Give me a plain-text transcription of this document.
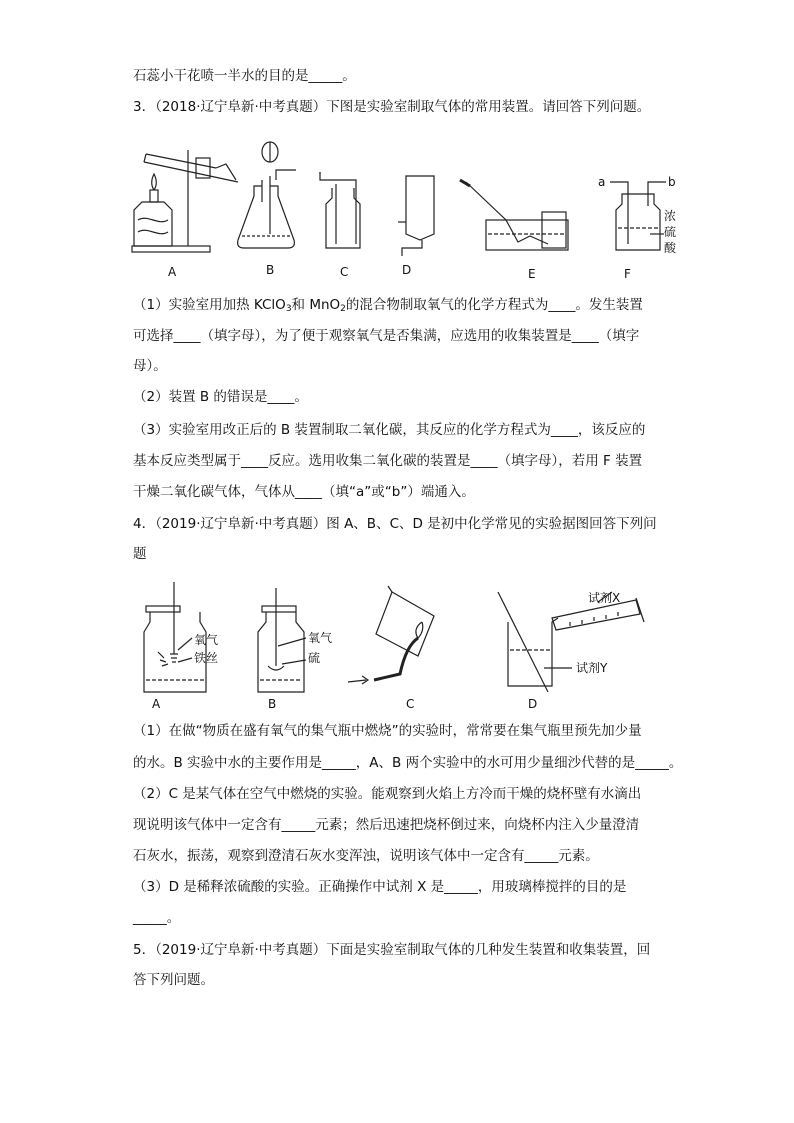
石蕊小干花喷一半水的目的是_____。
3．（2018·辽宁阜新·中考真题）下图是实验室制取气体的常用装置。请回答下列问题。
A	B	C	D	E	F
a	b
浓
硫
酸
（1）实验室用加热 KClO$_3$和 MnO$_2$的混合物制取氧气的化学方程式为____。发生装置
可选择____（填字母），为了便于观察氧气是否集满，应选用的收集装置是____（填字
母）。
（2）装置 B 的错误是____。
（3）实验室用改正后的 B 装置制取二氧化碳，其反应的化学方程式为____，该反应的
基本反应类型属于____反应。选用收集二氧化碳的装置是____（填字母），若用 F 装置
干燥二氧化碳气体，气体从____（填“a”或“b”）端通入。
4．（2019·辽宁阜新·中考真题）图 A、B、C、D 是初中化学常见的实验据图回答下列问
题
A	B	C	D
氧气
铁丝
氧气
硫
试剂X
试剂Y
（1）在做“物质在盛有氧气的集气瓶中燃烧”的实验时，常常要在集气瓶里预先加少量
的水。B 实验中水的主要作用是_____，A、B 两个实验中的水可用少量细沙代替的是_____。
（2）C 是某气体在空气中燃烧的实验。能观察到火焰上方冷而干燥的烧杯壁有水滴出
现说明该气体中一定含有_____元素；然后迅速把烧杯倒过来，向烧杯内注入少量澄清
石灰水，振荡，观察到澄清石灰水变浑浊，说明该气体中一定含有_____元素。
（3）D 是稀释浓硫酸的实验。正确操作中试剂 X 是_____，用玻璃棒搅拌的目的是
_____。
5．（2019·辽宁阜新·中考真题）下面是实验室制取气体的几种发生装置和收集装置，回
答下列问题。
